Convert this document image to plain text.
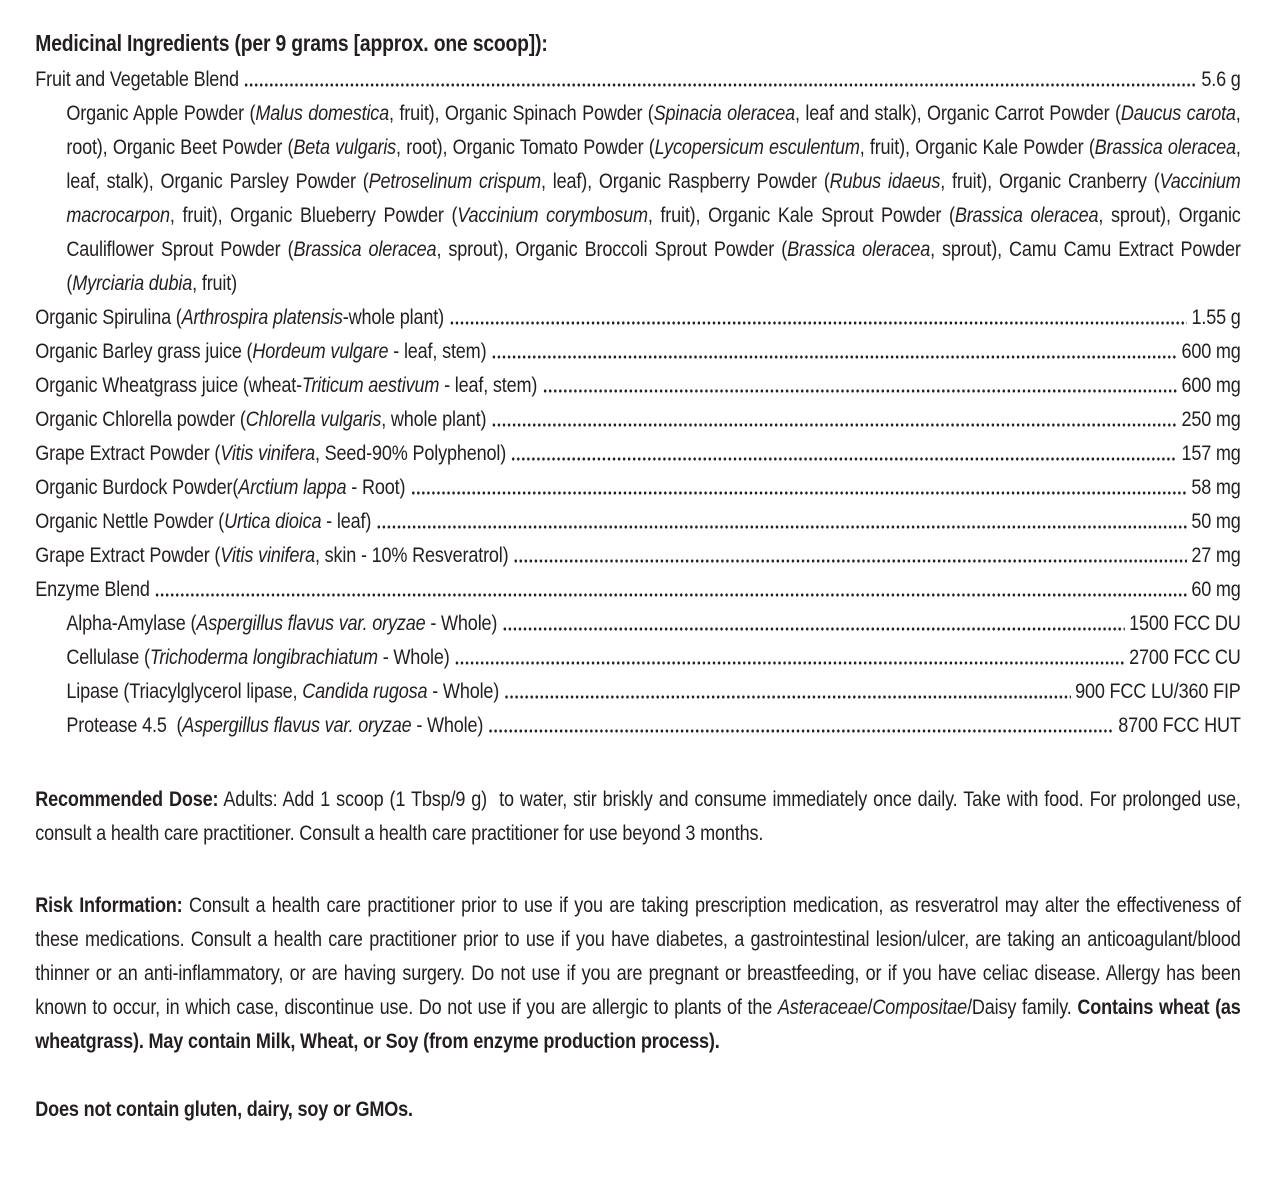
Medicinal Ingredients (per 9 grams [approx. one scoop]):

Fruit and Vegetable Blend	5.6 g

Organic Apple Powder (Malus domestica, fruit), Organic Spinach Powder (Spinacia oleracea, leaf and stalk), Organic Carrot Powder (Daucus carota, root), Organic Beet Powder (Beta vulgaris, root), Organic Tomato Powder (Lycopersicum esculentum, fruit), Organic Kale Powder (Brassica oleracea, leaf, stalk), Organic Parsley Powder (Petroselinum crispum, leaf), Organic Raspberry Powder (Rubus idaeus, fruit), Organic Cranberry (Vaccinium macrocarpon, fruit), Organic Blueberry Powder (Vaccinium corymbosum, fruit), Organic Kale Sprout Powder (Brassica oleracea, sprout), Organic Cauliflower Sprout Powder (Brassica oleracea, sprout), Organic Broccoli Sprout Powder (Brassica oleracea, sprout), Camu Camu Extract Powder (Myrciaria dubia, fruit)

Organic Spirulina (Arthrospira platensis-whole plant)	1.55 g
Organic Barley grass juice (Hordeum vulgare - leaf, stem)	600 mg
Organic Wheatgrass juice (wheat-Triticum aestivum - leaf, stem)	600 mg
Organic Chlorella powder (Chlorella vulgaris, whole plant)	250 mg
Grape Extract Powder (Vitis vinifera, Seed-90% Polyphenol)	157 mg
Organic Burdock Powder(Arctium lappa - Root)	58 mg
Organic Nettle Powder (Urtica dioica - leaf)	50 mg
Grape Extract Powder (Vitis vinifera, skin - 10% Resveratrol)	27 mg
Enzyme Blend	60 mg
Alpha-Amylase (Aspergillus flavus var. oryzae - Whole)	1500 FCC DU
Cellulase (Trichoderma longibrachiatum - Whole)	2700 FCC CU
Lipase (Triacylglycerol lipase, Candida rugosa - Whole)	900 FCC LU/360 FIP
Protease 4.5  (Aspergillus flavus var. oryzae - Whole)	8700 FCC HUT

Recommended Dose: Adults: Add 1 scoop (1 Tbsp/9 g)  to water, stir briskly and consume immediately once daily. Take with food. For prolonged use, consult a health care practitioner. Consult a health care practitioner for use beyond 3 months.

Risk Information: Consult a health care practitioner prior to use if you are taking prescription medication, as resveratrol may alter the effectiveness of these medications. Consult a health care practitioner prior to use if you have diabetes, a gastrointestinal lesion/ulcer, are taking an anticoagulant/blood thinner or an anti-inflammatory, or are having surgery. Do not use if you are pregnant or breastfeeding, or if you have celiac disease. Allergy has been known to occur, in which case, discontinue use. Do not use if you are allergic to plants of the Asteraceae/Compositae/Daisy family. Contains wheat (as wheatgrass). May contain Milk, Wheat, or Soy (from enzyme production process).

Does not contain gluten, dairy, soy or GMOs.
